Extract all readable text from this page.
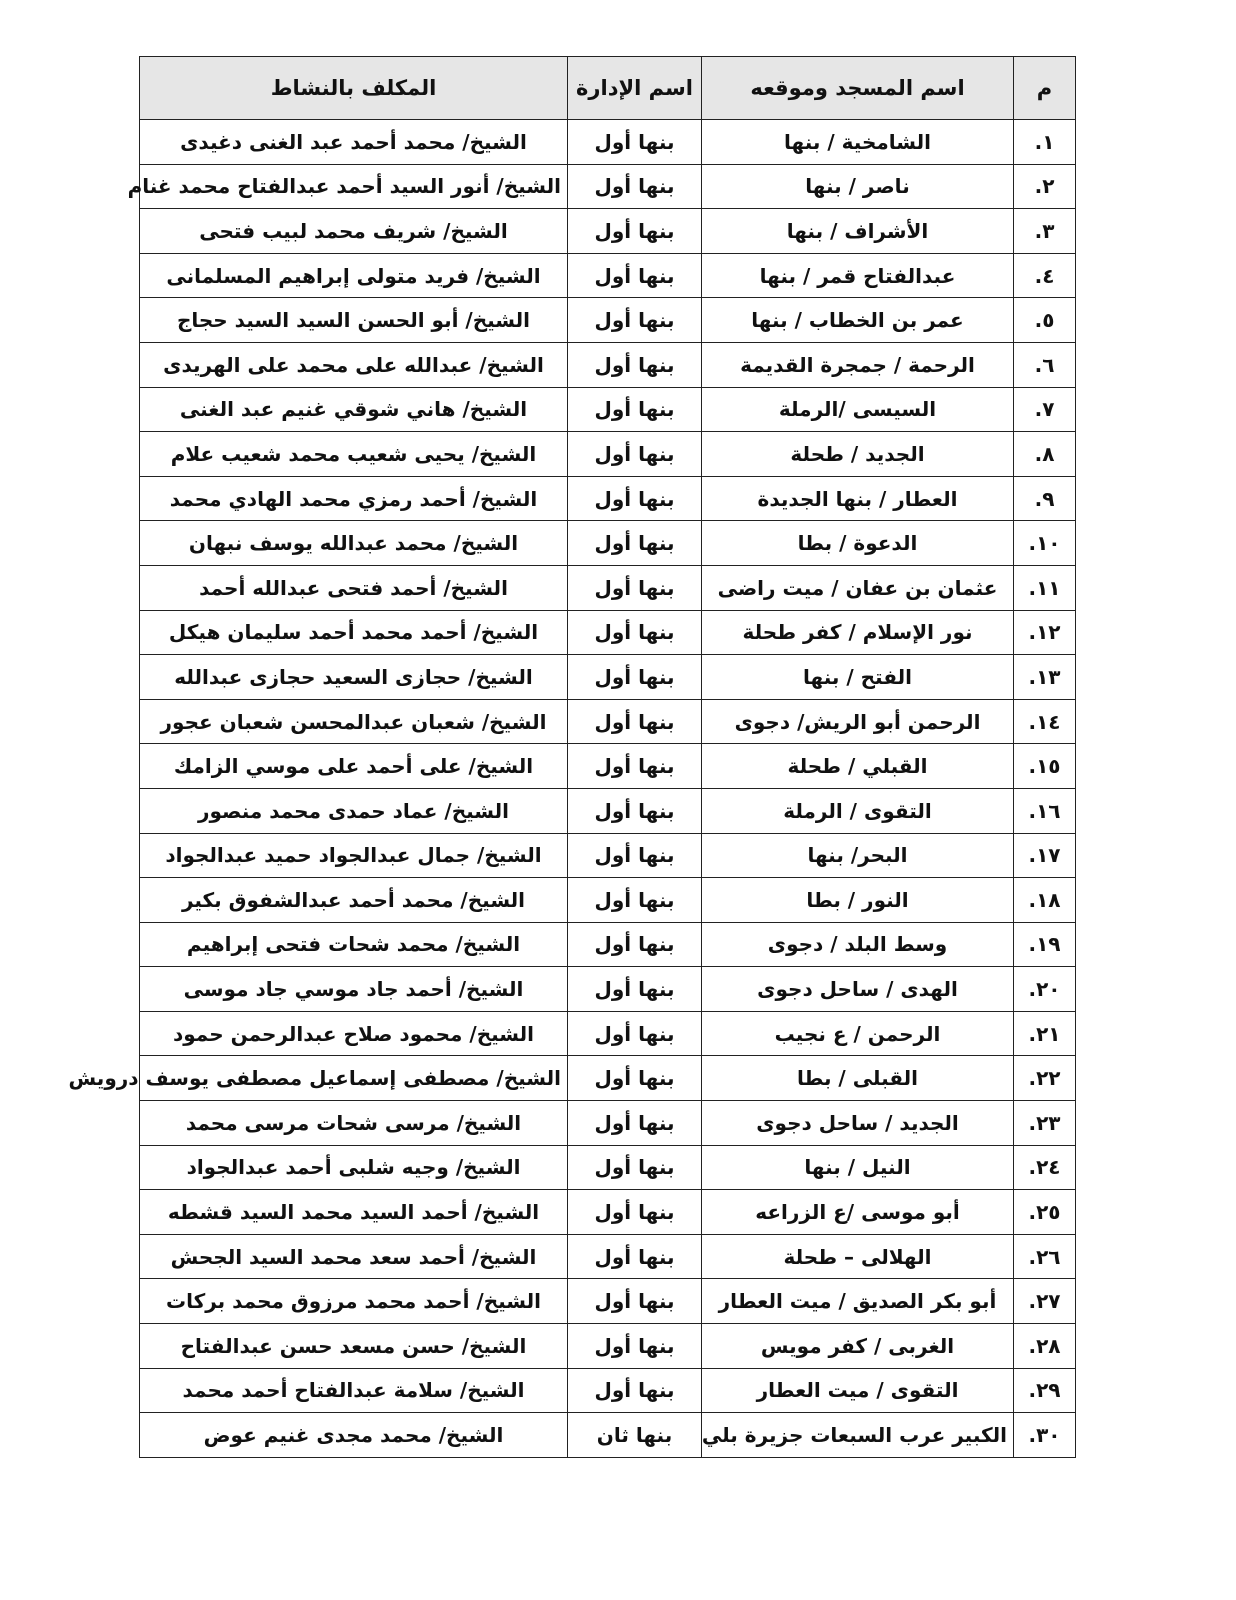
م	اسم المسجد وموقعه	اسم الإدارة	المكلف بالنشاط
١.	الشامخية / بنها	بنها أول	الشيخ/ محمد أحمد عبد الغنى دغيدى
٢.	ناصر / بنها	بنها أول	الشيخ/ أنور السيد أحمد عبدالفتاح محمد غنام
٣.	الأشراف / بنها	بنها أول	الشيخ/ شريف محمد لبيب فتحى
٤.	عبدالفتاح قمر / بنها	بنها أول	الشيخ/ فريد متولى إبراهيم المسلمانى
٥.	عمر بن الخطاب / بنها	بنها أول	الشيخ/ أبو الحسن السيد السيد حجاج
٦.	الرحمة / جمجرة القديمة	بنها أول	الشيخ/ عبدالله على محمد على الهريدى
٧.	السيسى /الرملة	بنها أول	الشيخ/ هاني شوقي غنيم عبد الغنى
٨.	الجديد / طحلة	بنها أول	الشيخ/ يحيى شعيب محمد شعيب علام
٩.	العطار / بنها الجديدة	بنها أول	الشيخ/ أحمد رمزي محمد الهادي محمد
١٠.	الدعوة / بطا	بنها أول	الشيخ/ محمد عبدالله يوسف نبهان
١١.	عثمان بن عفان / ميت راضى	بنها أول	الشيخ/ أحمد فتحى عبدالله أحمد
١٢.	نور الإسلام / كفر طحلة	بنها أول	الشيخ/ أحمد محمد أحمد سليمان هيكل
١٣.	الفتح / بنها	بنها أول	الشيخ/ حجازى السعيد حجازى عبدالله
١٤.	الرحمن أبو الريش/ دجوى	بنها أول	الشيخ/ شعبان عبدالمحسن شعبان عجور
١٥.	القبلي / طحلة	بنها أول	الشيخ/ على أحمد على موسي الزامك
١٦.	التقوى / الرملة	بنها أول	الشيخ/ عماد حمدى محمد منصور
١٧.	البحر/ بنها	بنها أول	الشيخ/ جمال عبدالجواد حميد عبدالجواد
١٨.	النور / بطا	بنها أول	الشيخ/ محمد أحمد عبدالشفوق بكير
١٩.	وسط البلد / دجوى	بنها أول	الشيخ/ محمد شحات فتحى إبراهيم
٢٠.	الهدى / ساحل دجوى	بنها أول	الشيخ/ أحمد جاد موسي جاد موسى
٢١.	الرحمن / ع نجيب	بنها أول	الشيخ/ محمود صلاح عبدالرحمن حمود
٢٢.	القبلى / بطا	بنها أول	الشيخ/ مصطفى إسماعيل مصطفى يوسف درويش
٢٣.	الجديد / ساحل دجوى	بنها أول	الشيخ/ مرسى شحات مرسى محمد
٢٤.	النيل / بنها	بنها أول	الشيخ/ وجيه شلبى أحمد عبدالجواد
٢٥.	أبو موسى /ع الزراعه	بنها أول	الشيخ/ أحمد السيد محمد السيد قشطه
٢٦.	الهلالى – طحلة	بنها أول	الشيخ/ أحمد سعد محمد السيد الجحش
٢٧.	أبو بكر الصديق / ميت العطار	بنها أول	الشيخ/ أحمد محمد مرزوق محمد بركات
٢٨.	الغربى / كفر مويس	بنها أول	الشيخ/ حسن مسعد حسن عبدالفتاح
٢٩.	التقوى / ميت العطار	بنها أول	الشيخ/ سلامة عبدالفتاح أحمد محمد
٣٠.	الكبير عرب السبعات جزيرة بلي	بنها ثان	الشيخ/ محمد مجدى غنيم عوض
